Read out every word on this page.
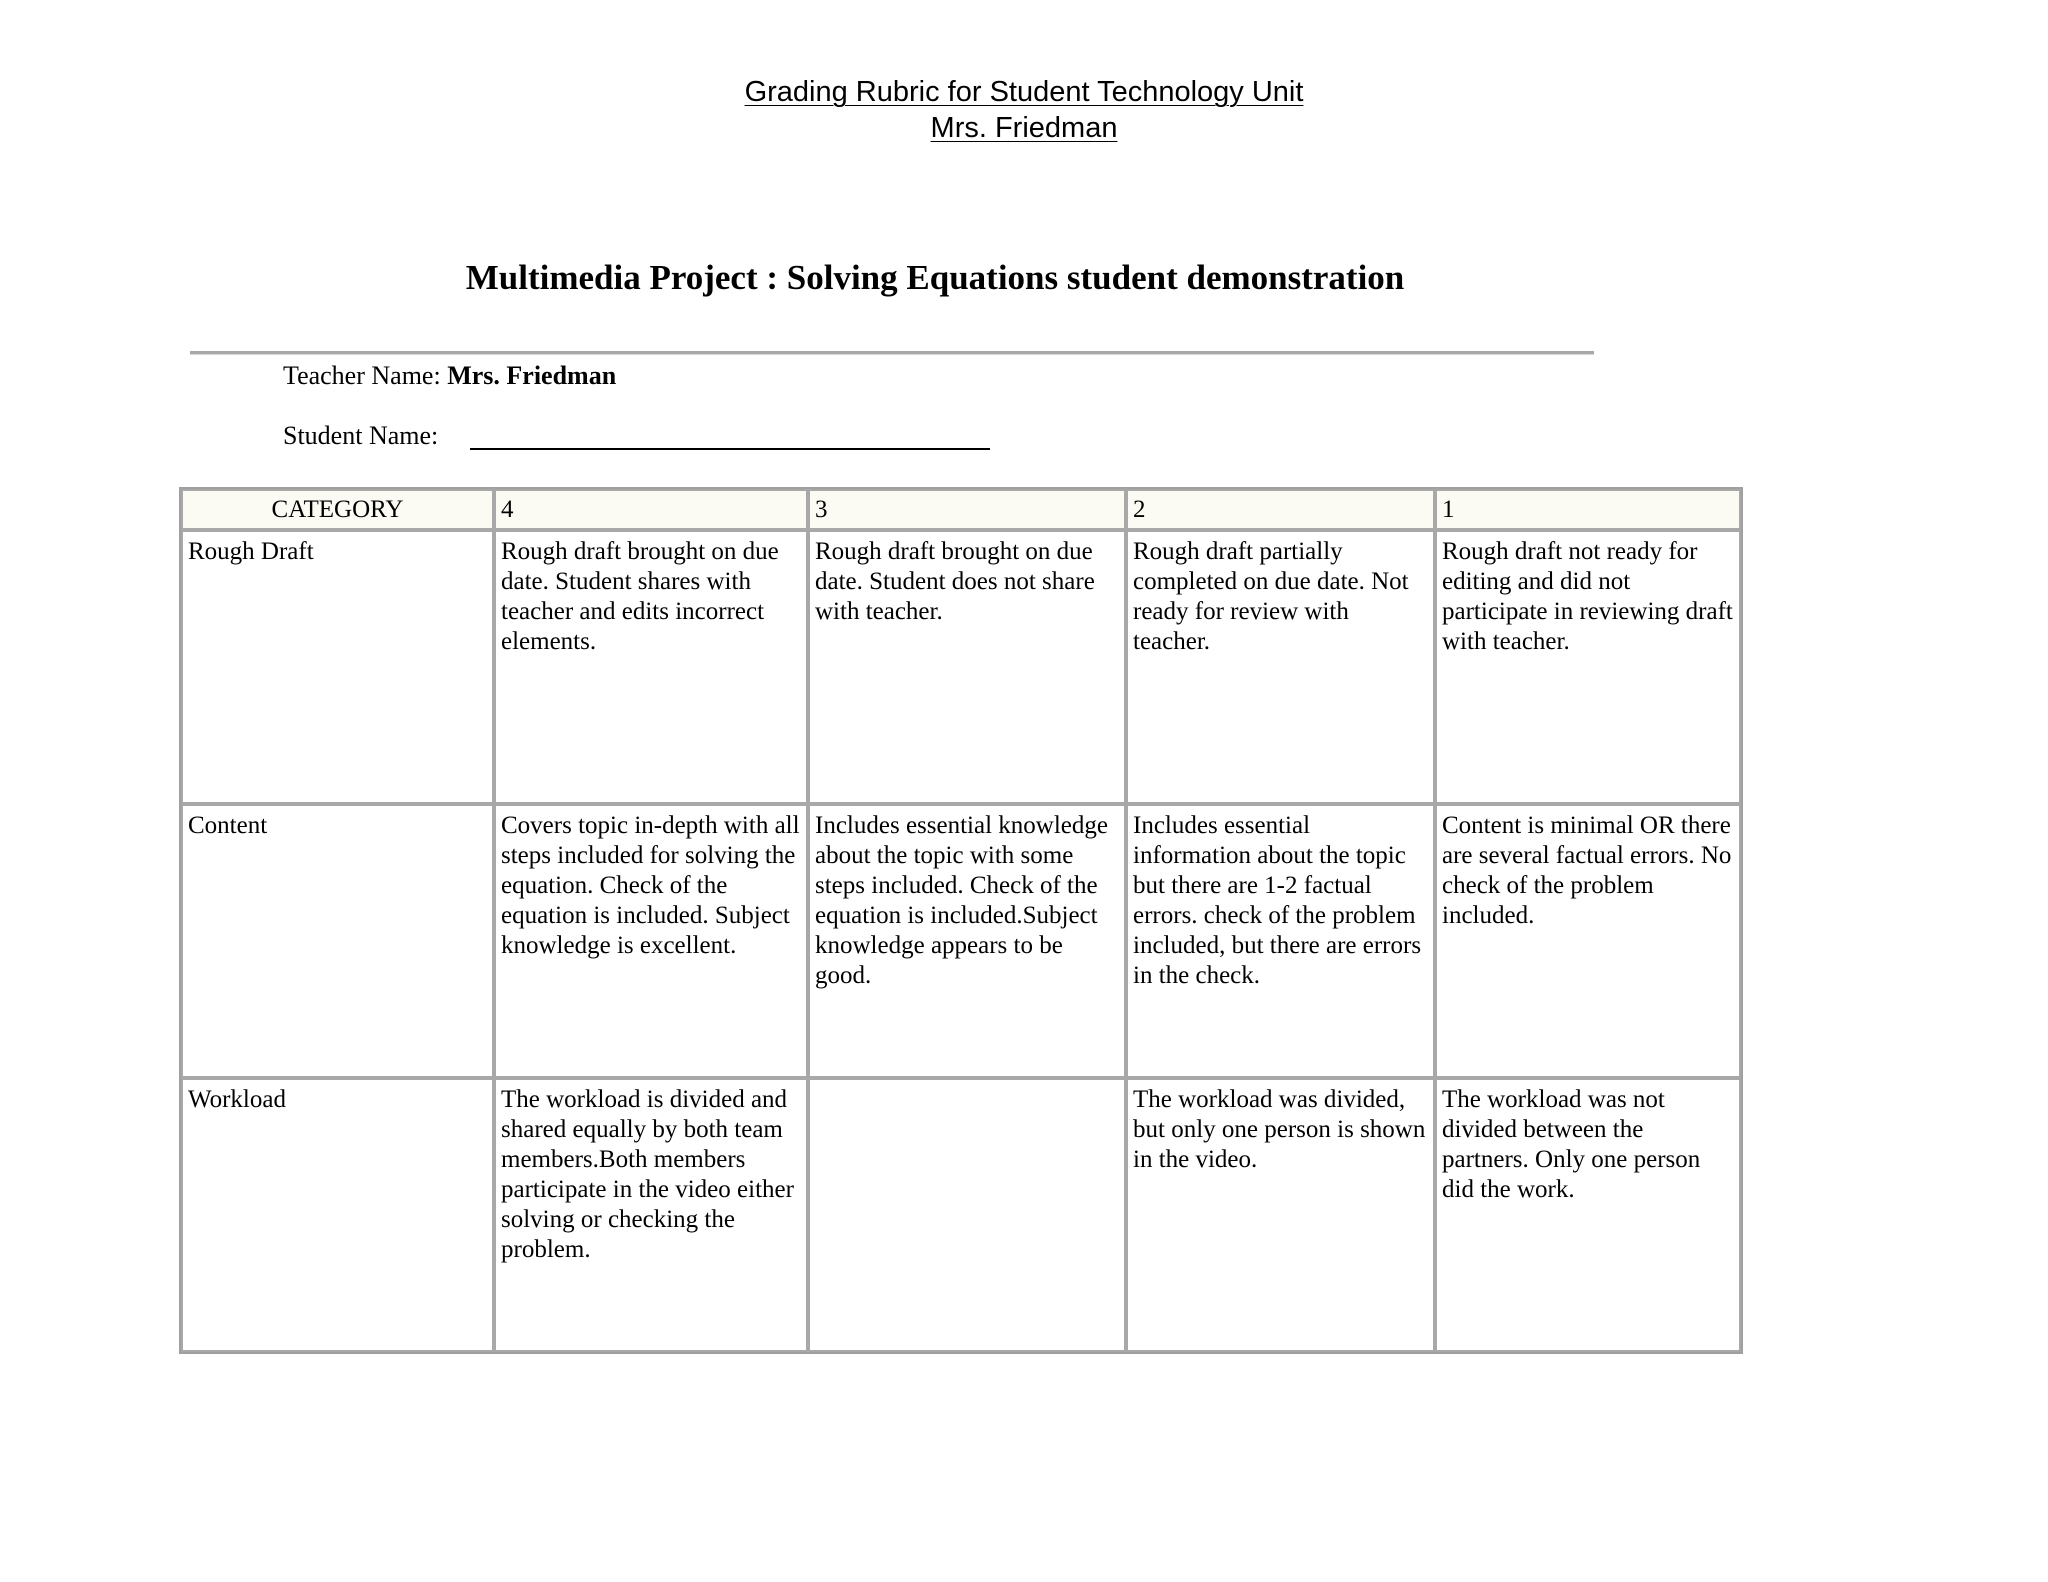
Grading Rubric for Student Technology Unit
Mrs. Friedman
Multimedia Project : Solving Equations student demonstration
Teacher Name: Mrs. Friedman
Student Name:
CATEGORY	4	3	2	1
Rough Draft	Rough draft brought on due date. Student shares with teacher and edits incorrect elements.	Rough draft brought on due date. Student does not share with teacher.	Rough draft partially completed on due date. Not ready for review with teacher.	Rough draft not ready for editing and did not participate in reviewing draft with teacher.
Content	Covers topic in-depth with all steps included for solving the equation. Check of the equation is included. Subject knowledge is excellent.	Includes essential knowledge about the topic with some steps included. Check of the equation is included.Subject knowledge appears to be good.	Includes essential information about the topic but there are 1-2 factual errors. check of the problem included, but there are errors in the check.	Content is minimal OR there are several factual errors. No check of the problem included.
Workload	The workload is divided and shared equally by both team members.Both members participate in the video either solving or checking the problem.		The workload was divided, but only one person is shown in the video.	The workload was not divided between the partners. Only one person did the work.
